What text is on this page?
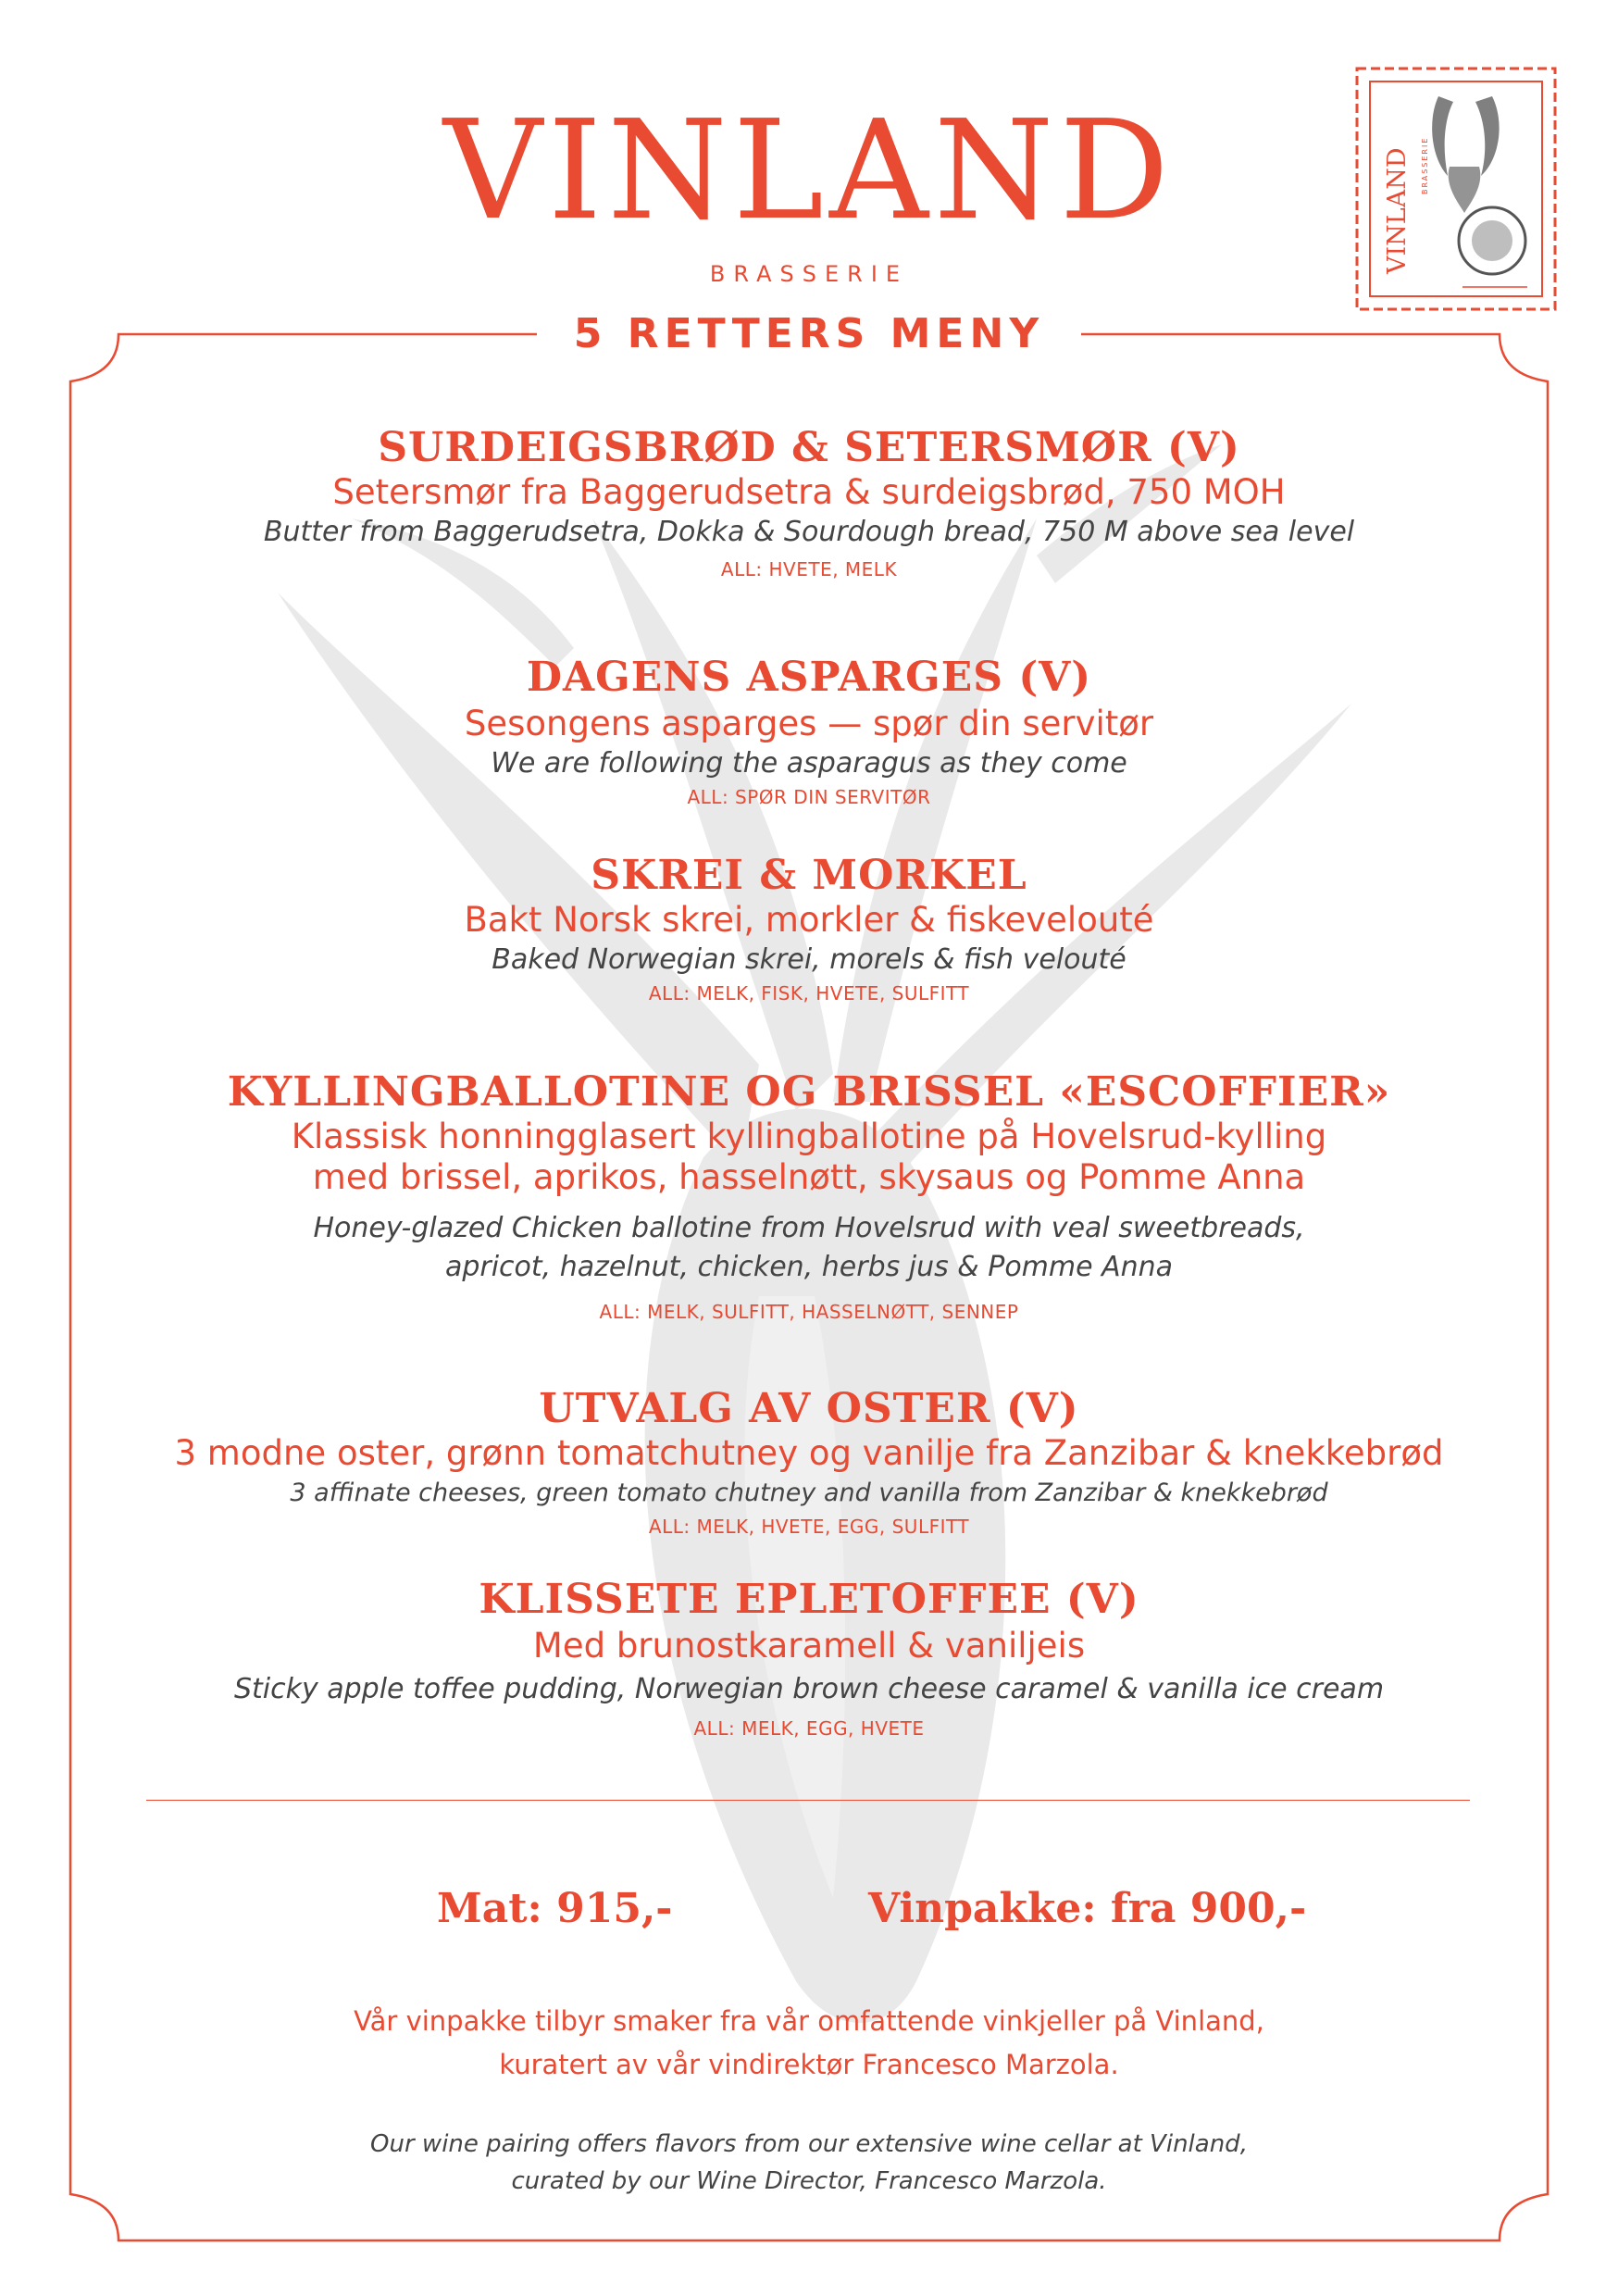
VINLAND
BRASSERIE
5 RETTERS MENY
VINLAND BRASSERIE
SURDEIGSBRØD & SETERSMØR (V)
Setersmør fra Baggerudsetra & surdeigsbrød, 750 MOH
Butter from Baggerudsetra, Dokka & Sourdough bread, 750 M above sea level
ALL: HVETE, MELK
DAGENS ASPARGES (V)
Sesongens asparges — spør din servitør
We are following the asparagus as they come
ALL: SPØR DIN SERVITØR
SKREI & MORKEL
Bakt Norsk skrei, morkler & fiskevelouté
Baked Norwegian skrei, morels & fish velouté
ALL: MELK, FISK, HVETE, SULFITT
KYLLINGBALLOTINE OG BRISSEL «ESCOFFIER»
Klassisk honningglasert kyllingballotine på Hovelsrud-kylling
med brissel, aprikos, hasselnøtt, skysaus og Pomme Anna
Honey-glazed Chicken ballotine from Hovelsrud with veal sweetbreads,
apricot, hazelnut, chicken, herbs jus & Pomme Anna
ALL: MELK, SULFITT, HASSELNØTT, SENNEP
UTVALG AV OSTER (V)
3 modne oster, grønn tomatchutney og vanilje fra Zanzibar & knekkebrød
3 affinate cheeses, green tomato chutney and vanilla from Zanzibar & knekkebrød
ALL: MELK, HVETE, EGG, SULFITT
KLISSETE EPLETOFFEE (V)
Med brunostkaramell & vaniljeis
Sticky apple toffee pudding, Norwegian brown cheese caramel & vanilla ice cream
ALL: MELK, EGG, HVETE
Mat: 915,-	Vinpakke: fra 900,-
Vår vinpakke tilbyr smaker fra vår omfattende vinkjeller på Vinland,
kuratert av vår vindirektør Francesco Marzola.
Our wine pairing offers flavors from our extensive wine cellar at Vinland,
curated by our Wine Director, Francesco Marzola.
